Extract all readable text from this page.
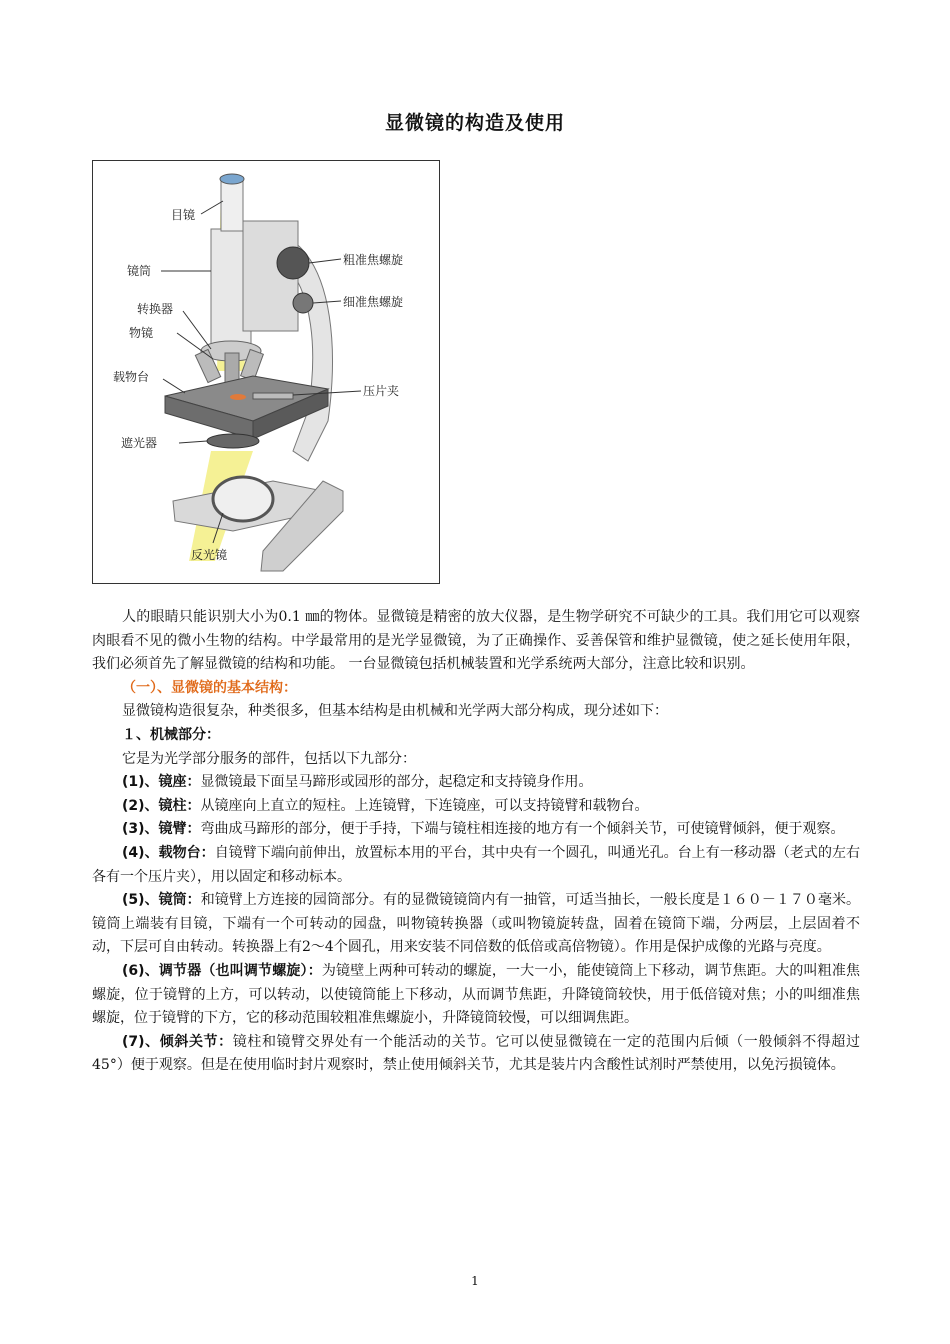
显微镜的构造及使用
目镜
镜筒
粗准焦螺旋
细准焦螺旋
转换器
物镜
载物台
压片夹
遮光器
反光镜

人的眼睛只能识别大小为0.1 ㎜的物体。显微镜是精密的放大仪器，是生物学研究不可缺少的工具。我们用它可以观察肉眼看不见的微小生物的结构。中学最常用的是光学显微镜，为了正确操作、妥善保管和维护显微镜，使之延长使用年限，我们必须首先了解显微镜的结构和功能。 一台显微镜包括机械装置和光学系统两大部分，注意比较和识别。

（一）、显微镜的基本结构：

显微镜构造很复杂，种类很多，但基本结构是由机械和光学两大部分构成，现分述如下：

１、机械部分：

它是为光学部分服务的部件，包括以下九部分：

(1)、镜座：显微镜最下面呈马蹄形或园形的部分，起稳定和支持镜身作用。

(2)、镜柱：从镜座向上直立的短柱。上连镜臂，下连镜座，可以支持镜臂和载物台。

(3)、镜臂：弯曲成马蹄形的部分，便于手持，下端与镜柱相连接的地方有一个倾斜关节，可使镜臂倾斜，便于观察。

(4)、载物台：自镜臂下端向前伸出，放置标本用的平台，其中央有一个圆孔，叫通光孔。台上有一移动器（老式的左右各有一个压片夹），用以固定和移动标本。

(5)、镜筒：和镜臂上方连接的园筒部分。有的显微镜镜筒内有一抽管，可适当抽长，一般长度是１６０－１７０毫米。镜筒上端装有目镜，下端有一个可转动的园盘，叫物镜转换器（或叫物镜旋转盘，固着在镜筒下端，分两层，上层固着不动，下层可自由转动。转换器上有2～4个圆孔，用来安装不同倍数的低倍或高倍物镜）。作用是保护成像的光路与亮度。

(6)、调节器（也叫调节螺旋）：为镜壁上两种可转动的螺旋，一大一小，能使镜筒上下移动，调节焦距。大的叫粗准焦螺旋，位于镜臂的上方，可以转动，以使镜筒能上下移动，从而调节焦距，升降镜筒较快，用于低倍镜对焦；小的叫细准焦螺旋，位于镜臂的下方，它的移动范围较粗准焦螺旋小，升降镜筒较慢，可以细调焦距。

(7)、倾斜关节：镜柱和镜臂交界处有一个能活动的关节。它可以使显微镜在一定的范围内后倾（一般倾斜不得超过45°）便于观察。但是在使用临时封片观察时，禁止使用倾斜关节，尤其是装片内含酸性试剂时严禁使用，以免污损镜体。

1
